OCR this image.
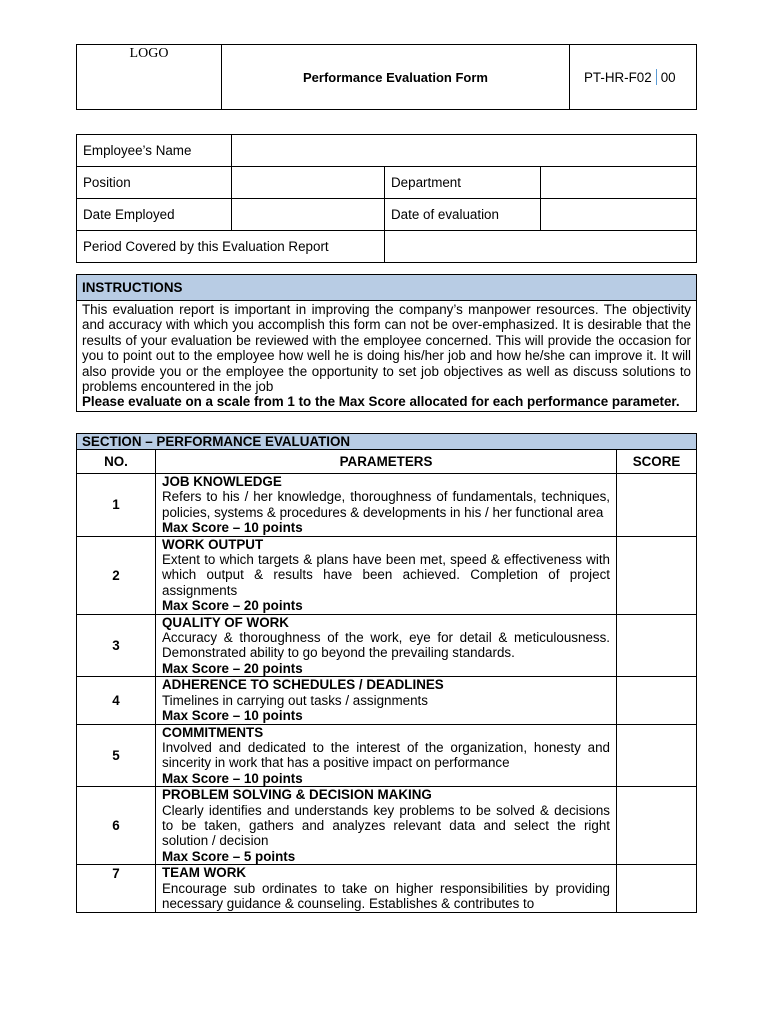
LOGO	Performance Evaluation Form	PT-HR-F02 00
Employee’s Name			
Position		Department	
Date Employed		Date of evaluation	
Period Covered by this Evaluation Report			
INSTRUCTIONS

This evaluation report is important in improving the company’s manpower resources. The objectivity and accuracy with which you accomplish this form can not be over-emphasized. It is desirable that the results of your evaluation be reviewed with the employee concerned. This will provide the occasion for you to point out to the employee how well he is doing his/her job and how he/she can improve it. It will also provide you or the employee the opportunity to set job objectives as well as discuss solutions to problems encountered in the job

Please evaluate on a scale from 1 to the Max Score allocated for each performance parameter.
SECTION – PERFORMANCE EVALUATION		
NO.	PARAMETERS	SCORE
1	JOB KNOWLEDGE
Refers to his / her knowledge, thoroughness of fundamentals, techniques, policies, systems & procedures & developments in his / her functional area
Max Score – 10 points	

2	WORK OUTPUT
Extent to which targets & plans have been met, speed & effectiveness with which output & results have been achieved. Completion of project assignments
Max Score – 20 points	

3	QUALITY OF WORK
Accuracy & thoroughness of the work, eye for detail & meticulousness. Demonstrated ability to go beyond the prevailing standards.
Max Score – 20 points	

4	ADHERENCE TO SCHEDULES / DEADLINES
Timelines in carrying out tasks / assignments
Max Score – 10 points	

5	COMMITMENTS
Involved and dedicated to the interest of the organization, honesty and sincerity in work that has a positive impact on performance
Max Score – 10 points	

6	PROBLEM SOLVING & DECISION MAKING
Clearly identifies and understands key problems to be solved & decisions to be taken, gathers and analyzes relevant data and select the right solution / decision
Max Score – 5 points	

7	TEAM WORK
Encourage sub ordinates to take on higher responsibilities by providing necessary guidance & counseling. Establishes & contributes to	
